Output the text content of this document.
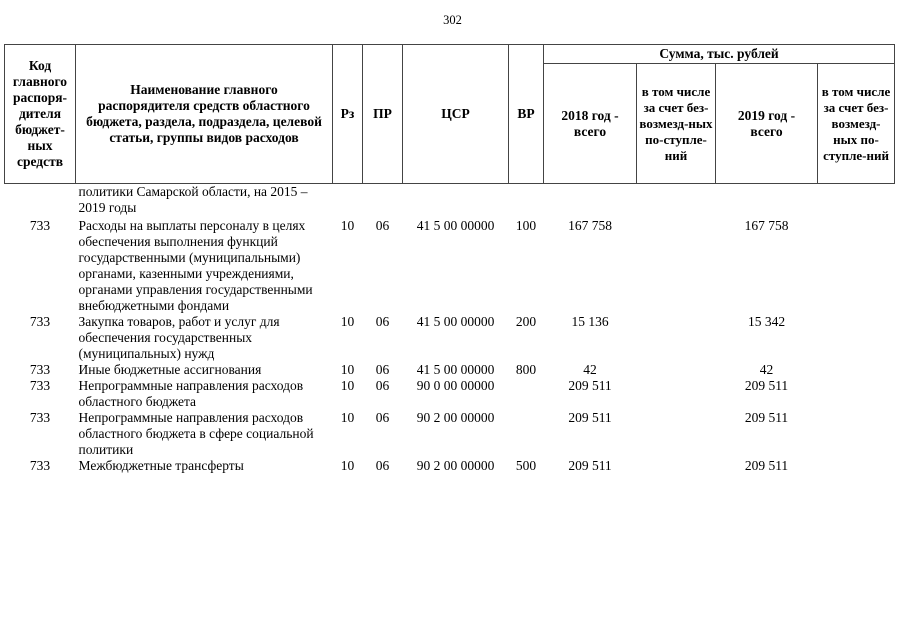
302
Код главного распоря-дителя бюджет-ных средств	Наименование главного распорядителя средств областного бюджета, раздела, подраздела, целевой статьи, группы видов расходов	Рз	ПР	ЦСР	ВР	Сумма, тыс. рублей			
						2018 год - всего	в том числе за счет без-возмезд-ных по-ступле-ний	2019 год - всего	в том числе за счет без-возмезд-ных по-ступле-ний
	политики Самарской области, на 2015 – 2019 годы								
733	Расходы на выплаты персоналу в целях обеспечения выполнения функций государственными (муниципальными) органами, казенными учреждениями, органами управления государственными внебюджетными фондами	10	06	41 5 00 00000	100	167 758		167 758	
733	Закупка товаров, работ и услуг для обеспечения государственных (муниципальных) нужд	10	06	41 5 00 00000	200	15 136		15 342	
733	Иные бюджетные ассигнования	10	06	41 5 00 00000	800	42		42	
733	Непрограммные направления расходов областного бюджета	10	06	90 0 00 00000		209 511		209 511	
733	Непрограммные направления расходов областного бюджета в сфере социальной политики	10	06	90 2 00 00000		209 511		209 511	
733	Межбюджетные трансферты	10	06	90 2 00 00000	500	209 511		209 511	
